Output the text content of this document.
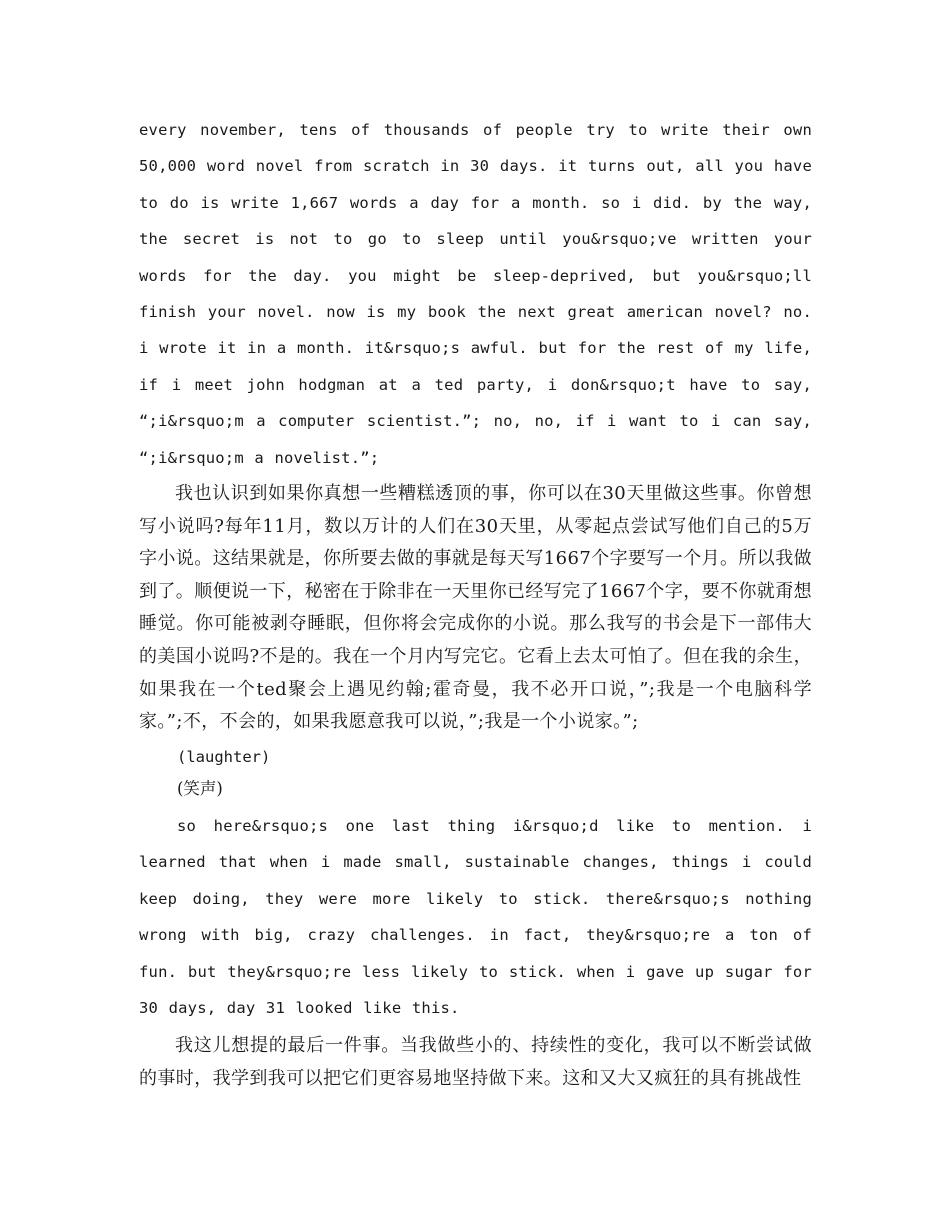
every november, tens of thousands of people try to write their own 50,000 word novel from scratch in 30 days. it turns out, all you have to do is write 1,667 words a day for a month. so i did. by the way, the secret is not to go to sleep until you&rsquo;ve written your words for the day. you might be sleep-deprived, but you&rsquo;ll finish your novel. now is my book the next great american novel? no. i wrote it in a month. it&rsquo;s awful. but for the rest of my life, if i meet john hodgman at a ted party, i don&rsquo;t have to say, “;i&rsquo;m a computer scientist.”; no, no, if i want to i can say, “;i&rsquo;m a novelist.”;

我也认识到如果你真想一些糟糕透顶的事，你可以在30天里做这些事。你曾想写小说吗?每年11月，数以万计的人们在30天里，从零起点尝试写他们自己的5万字小说。这结果就是，你所要去做的事就是每天写1667个字要写一个月。所以我做到了。顺便说一下，秘密在于除非在一天里你已经写完了1667个字，要不你就甭想睡觉。你可能被剥夺睡眠，但你将会完成你的小说。那么我写的书会是下一部伟大的美国小说吗?不是的。我在一个月内写完它。它看上去太可怕了。但在我的余生，如果我在一个ted聚会上遇见约翰;霍奇曼，我不必开口说，”;我是一个电脑科学家。”;不，不会的，如果我愿意我可以说，”;我是一个小说家。”;

(laughter)

(笑声)

so here&rsquo;s one last thing i&rsquo;d like to mention. i learned that when i made small, sustainable changes, things i could keep doing, they were more likely to stick. there&rsquo;s nothing wrong with big, crazy challenges. in fact, they&rsquo;re a ton of fun. but they&rsquo;re less likely to stick. when i gave up sugar for 30 days, day 31 looked like this.

我这儿想提的最后一件事。当我做些小的、持续性的变化，我可以不断尝试做的事时，我学到我可以把它们更容易地坚持做下来。这和又大又疯狂的具有挑战性
